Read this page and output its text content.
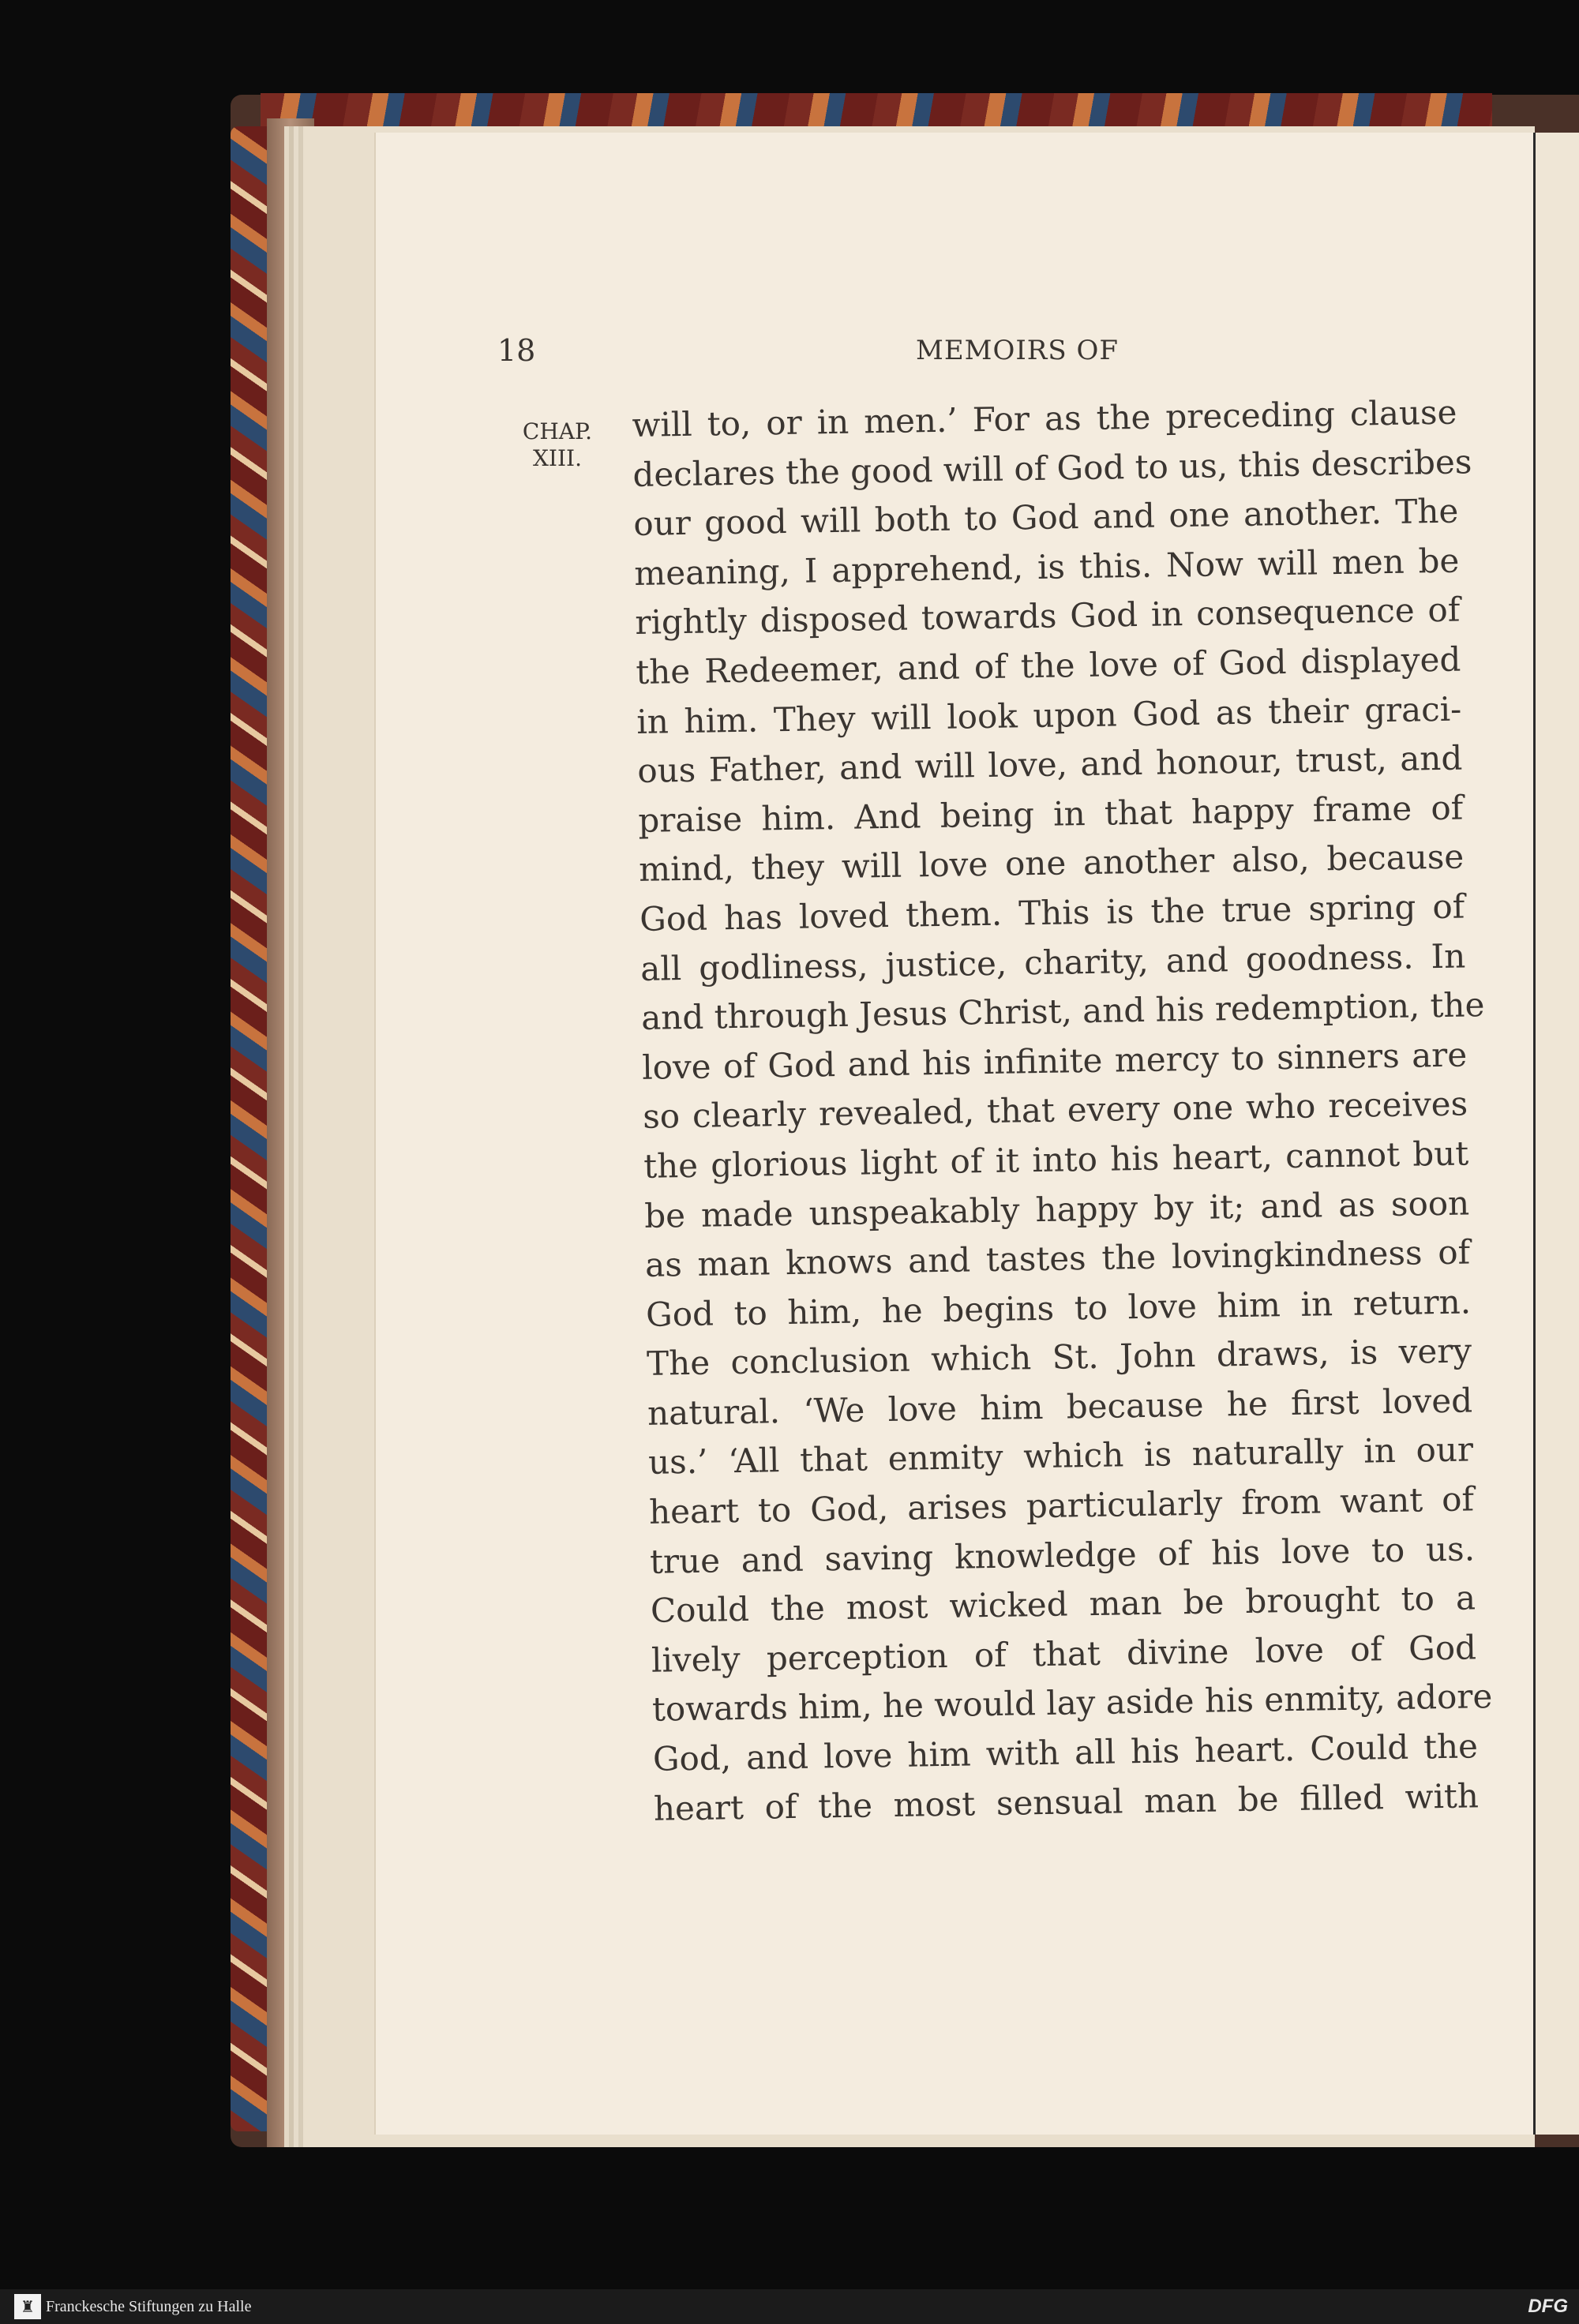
18	MEMOIRS OF
CHAP.
XIII.
will to, or in men.’ For as the preceding clause
declares the good will of God to us, this describes
our good will both to God and one another. The
meaning, I apprehend, is this. Now will men be
rightly disposed towards God in consequence of
the Redeemer, and of the love of God displayed
in him. They will look upon God as their graci-
ous Father, and will love, and honour, trust, and
praise him. And being in that happy frame of
mind, they will love one another also, because
God has loved them. This is the true spring of
all godliness, justice, charity, and goodness. In
and through Jesus Christ, and his redemption, the
love of God and his infinite mercy to sinners are
so clearly revealed, that every one who receives
the glorious light of it into his heart, cannot but
be made unspeakably happy by it; and as soon
as man knows and tastes the lovingkindness of
God to him, he begins to love him in return.
The conclusion which St. John draws, is very
natural. ‘We love him because he first loved
us.’ ‘All that enmity which is naturally in our
heart to God, arises particularly from want of
true and saving knowledge of his love to us.
Could the most wicked man be brought to a
lively perception of that divine love of God
towards him, he would lay aside his enmity, adore
God, and love him with all his heart. Could the
heart of the most sensual man be filled with
♜ Franckesche Stiftungen zu Halle	DFG
